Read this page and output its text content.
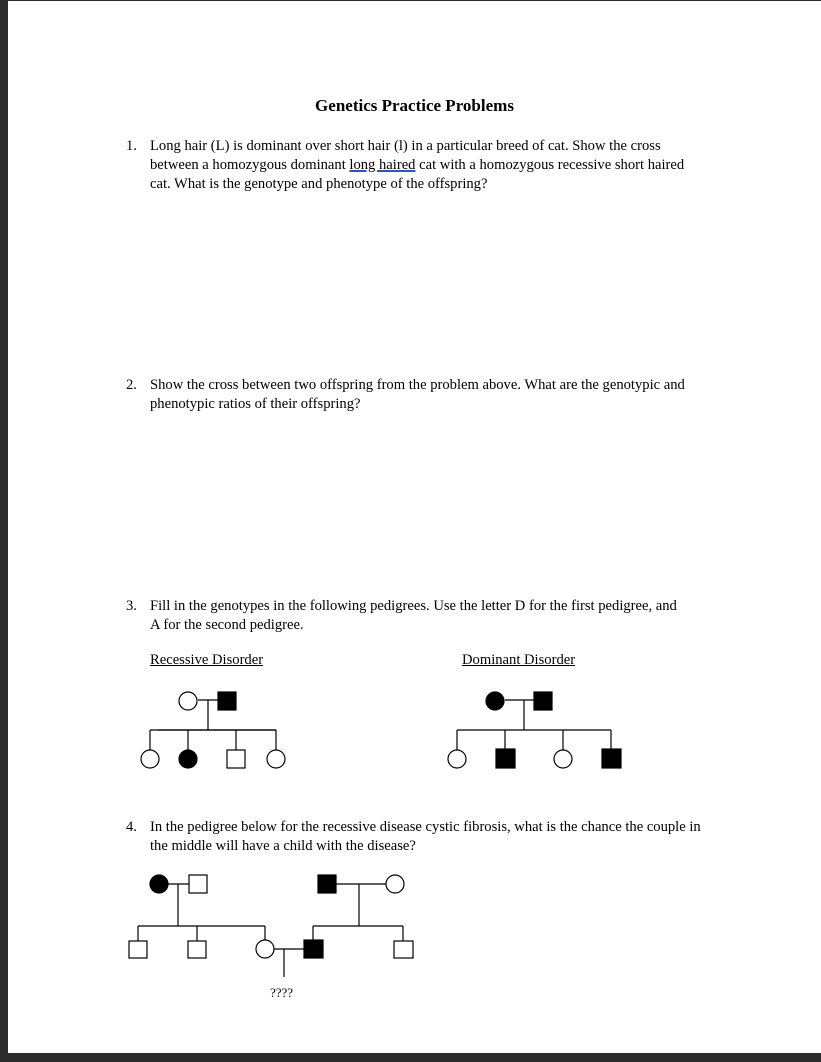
Genetics Practice Problems
1. Long hair (L) is dominant over short hair (l) in a particular breed of cat. Show the cross between a homozygous dominant long haired cat with a homozygous recessive short haired cat. What is the genotype and phenotype of the offspring?
2. Show the cross between two offspring from the problem above. What are the genotypic and phenotypic ratios of their offspring?
3. Fill in the genotypes in the following pedigrees. Use the letter D for the first pedigree, and A for the second pedigree.
Recessive Disorder	Dominant Disorder
4. In the pedigree below for the recessive disease cystic fibrosis, what is the chance the couple in the middle will have a child with the disease?
????
